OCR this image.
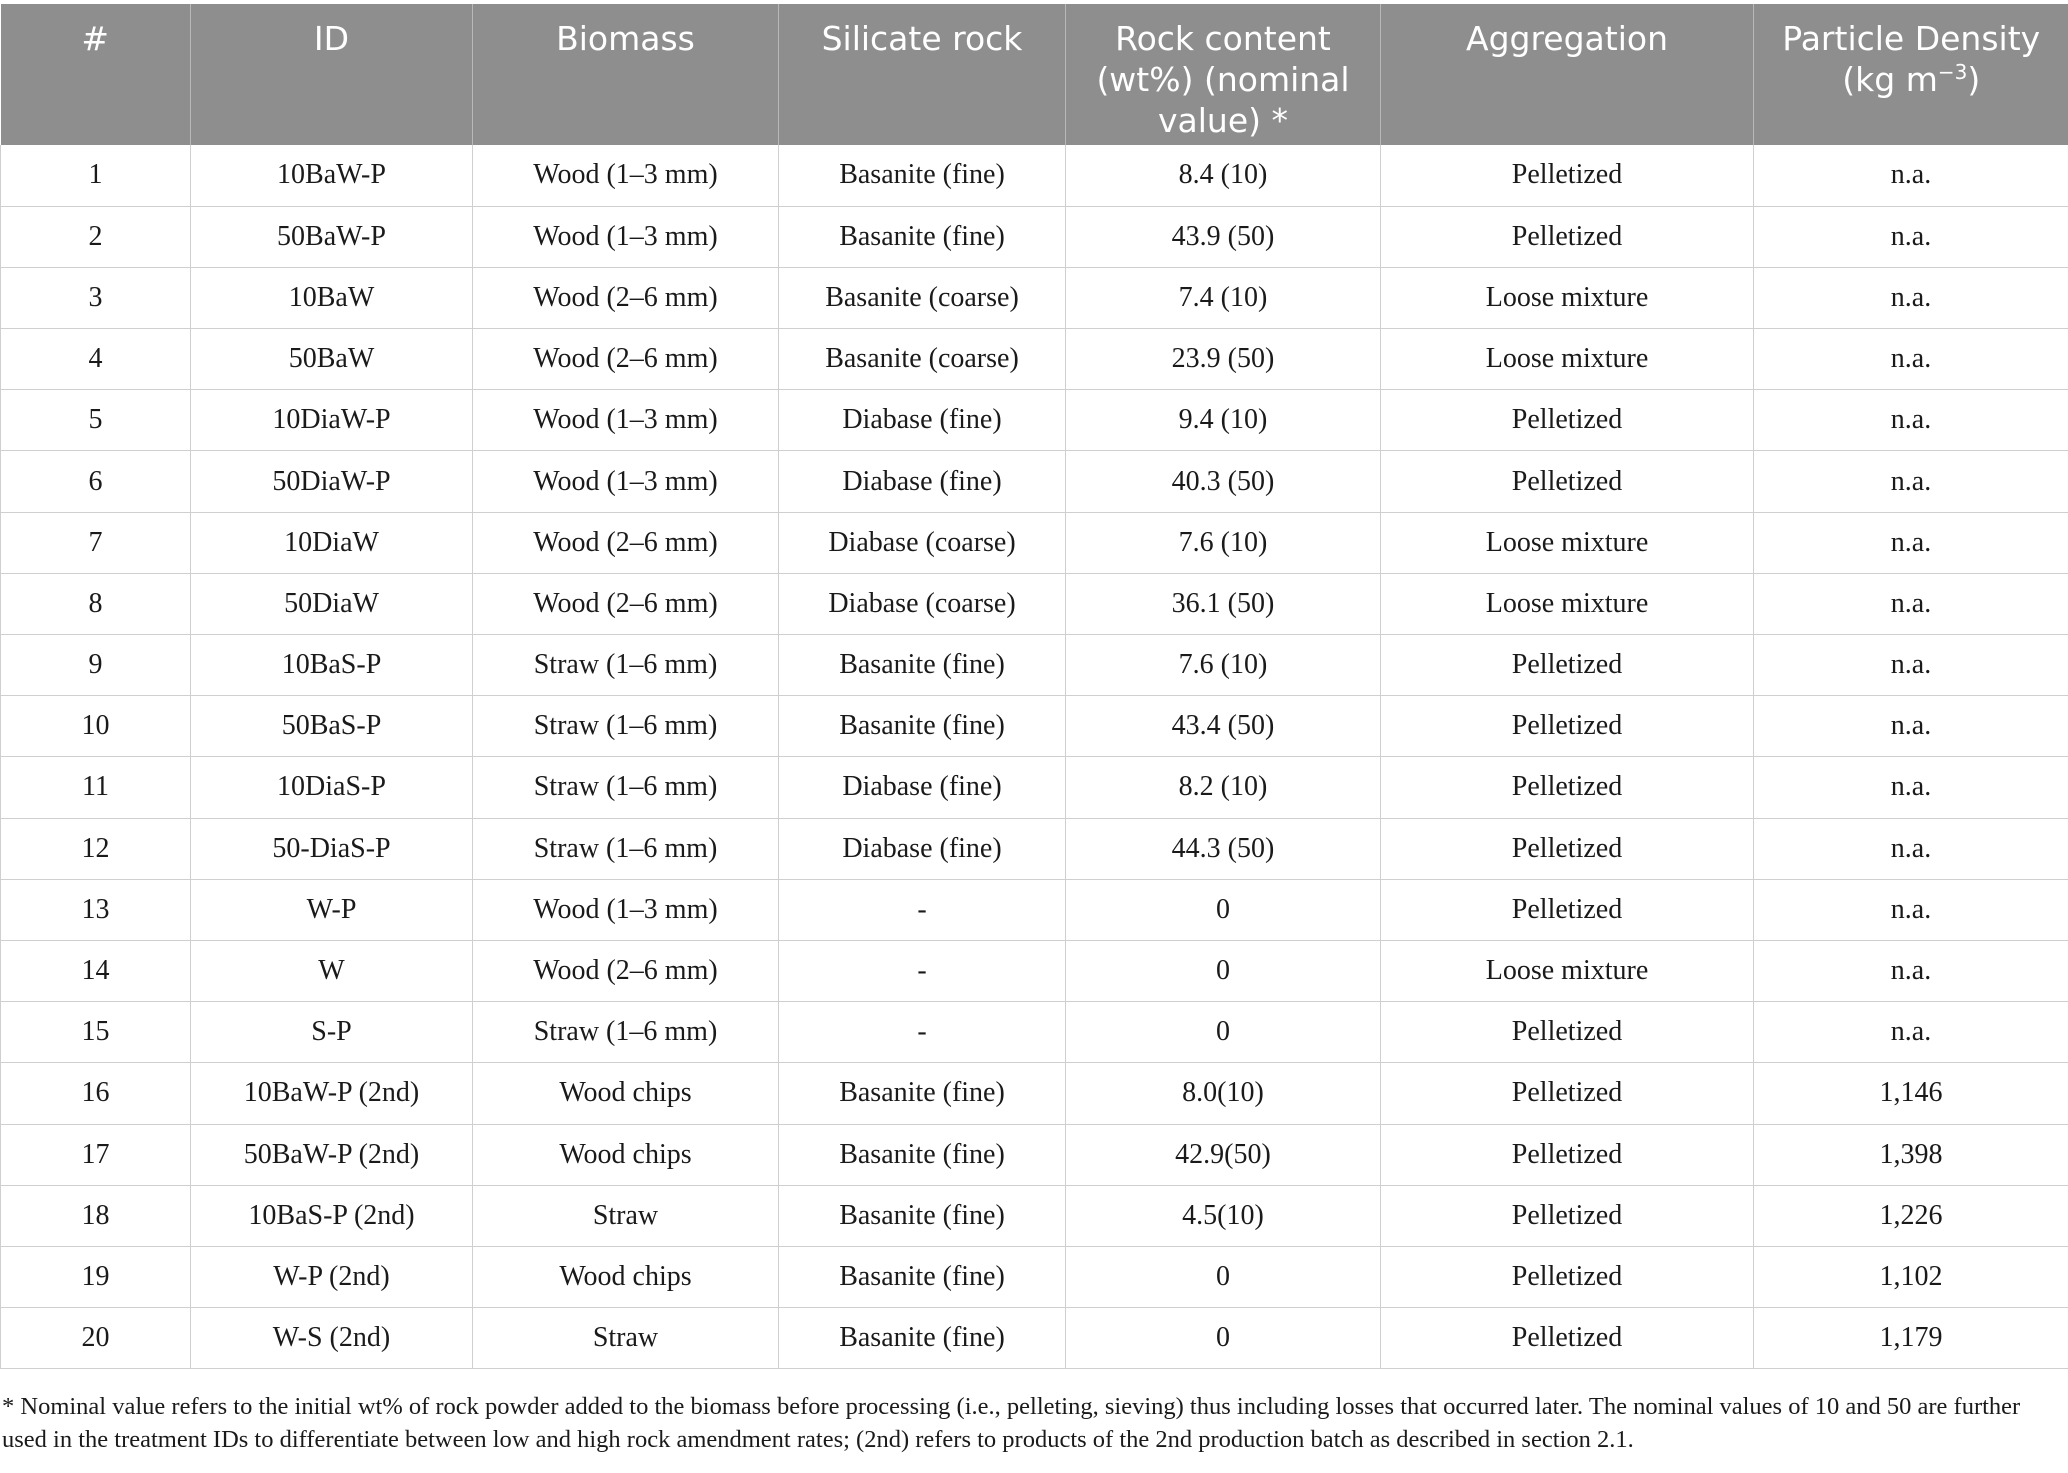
#	ID	Biomass	Silicate rock	Rock content (wt%) (nominal value) *	Aggregation	Particle Density (kg $m^{-3}$)
1	10BaW-P	Wood (1–3 mm)	Basanite (fine)	8.4 (10)	Pelletized	n.a.
2	50BaW-P	Wood (1–3 mm)	Basanite (fine)	43.9 (50)	Pelletized	n.a.
3	10BaW	Wood (2–6 mm)	Basanite (coarse)	7.4 (10)	Loose mixture	n.a.
4	50BaW	Wood (2–6 mm)	Basanite (coarse)	23.9 (50)	Loose mixture	n.a.
5	10DiaW-P	Wood (1–3 mm)	Diabase (fine)	9.4 (10)	Pelletized	n.a.
6	50DiaW-P	Wood (1–3 mm)	Diabase (fine)	40.3 (50)	Pelletized	n.a.
7	10DiaW	Wood (2–6 mm)	Diabase (coarse)	7.6 (10)	Loose mixture	n.a.
8	50DiaW	Wood (2–6 mm)	Diabase (coarse)	36.1 (50)	Loose mixture	n.a.
9	10BaS-P	Straw (1–6 mm)	Basanite (fine)	7.6 (10)	Pelletized	n.a.
10	50BaS-P	Straw (1–6 mm)	Basanite (fine)	43.4 (50)	Pelletized	n.a.
11	10DiaS-P	Straw (1–6 mm)	Diabase (fine)	8.2 (10)	Pelletized	n.a.
12	50-DiaS-P	Straw (1–6 mm)	Diabase (fine)	44.3 (50)	Pelletized	n.a.
13	W-P	Wood (1–3 mm)	-	0	Pelletized	n.a.
14	W	Wood (2–6 mm)	-	0	Loose mixture	n.a.
15	S-P	Straw (1–6 mm)	-	0	Pelletized	n.a.
16	10BaW-P (2nd)	Wood chips	Basanite (fine)	8.0(10)	Pelletized	1,146
17	50BaW-P (2nd)	Wood chips	Basanite (fine)	42.9(50)	Pelletized	1,398
18	10BaS-P (2nd)	Straw	Basanite (fine)	4.5(10)	Pelletized	1,226
19	W-P (2nd)	Wood chips	Basanite (fine)	0	Pelletized	1,102
20	W-S (2nd)	Straw	Basanite (fine)	0	Pelletized	1,179
* Nominal value refers to the initial wt% of rock powder added to the biomass before processing (i.e., pelleting, sieving) thus including losses that occurred later. The nominal values of 10 and 50 are further used in the treatment IDs to differentiate between low and high rock amendment rates; (2nd) refers to products of the 2nd production batch as described in section 2.1.
